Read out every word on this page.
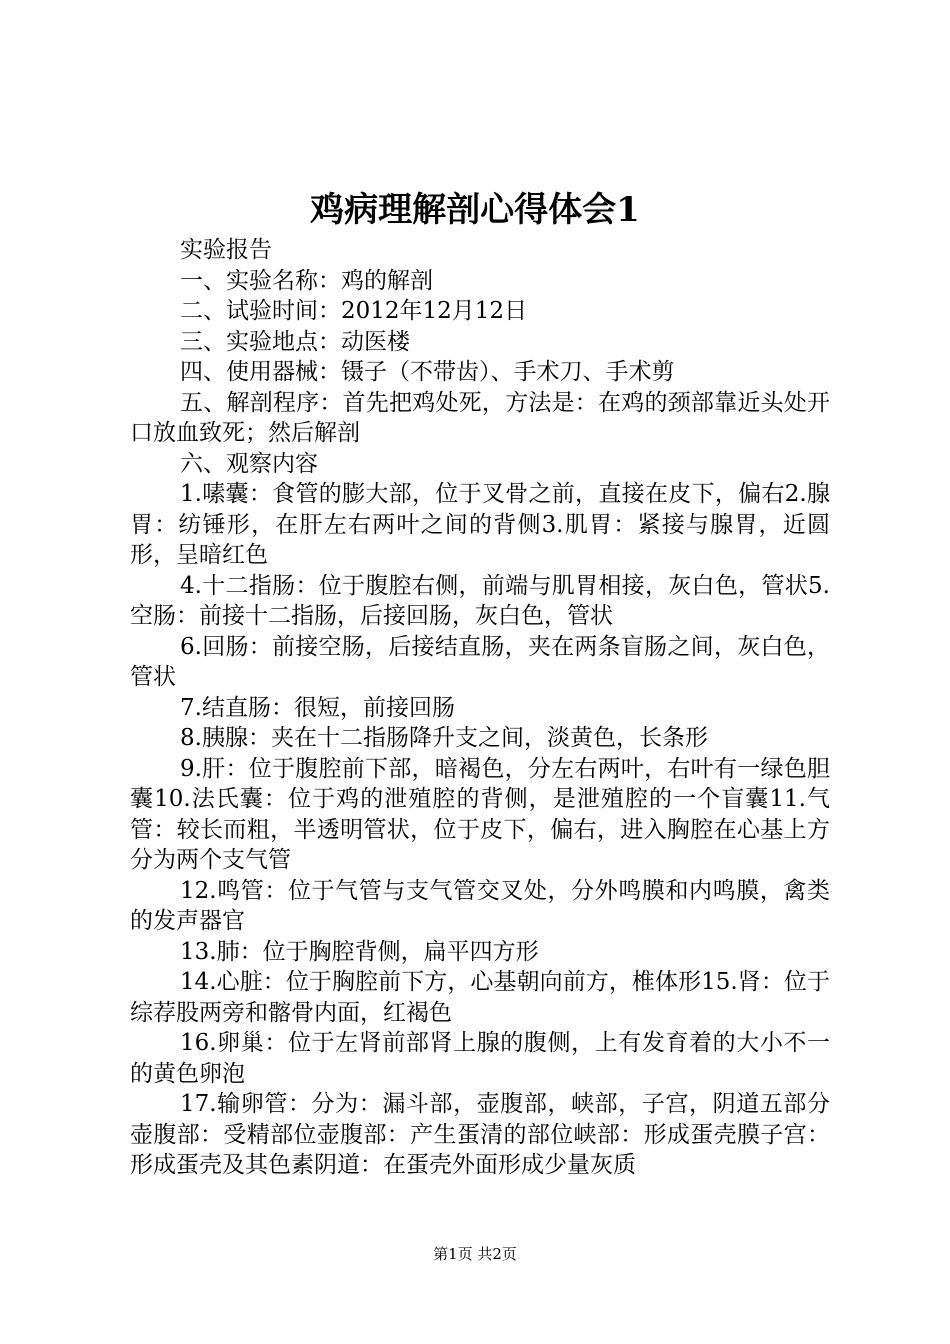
鸡病理解剖心得体会1

实验报告

一、实验名称：鸡的解剖

二、试验时间：2012年12月12日

三、实验地点：动医楼

四、使用器械：镊子（不带齿）、手术刀、手术剪

五、解剖程序：首先把鸡处死，方法是：在鸡的颈部靠近头处开口放血致死；然后解剖

六、观察内容

1.嗉囊：食管的膨大部，位于叉骨之前，直接在皮下，偏右2.腺胃：纺锤形，在肝左右两叶之间的背侧3.肌胃：紧接与腺胃，近圆形，呈暗红色

4.十二指肠：位于腹腔右侧，前端与肌胃相接，灰白色，管状5.空肠：前接十二指肠，后接回肠，灰白色，管状

6.回肠：前接空肠，后接结直肠，夹在两条盲肠之间，灰白色，管状

7.结直肠：很短，前接回肠

8.胰腺：夹在十二指肠降升支之间，淡黄色，长条形

9.肝：位于腹腔前下部，暗褐色，分左右两叶，右叶有一绿色胆囊10.法氏囊：位于鸡的泄殖腔的背侧，是泄殖腔的一个盲囊11.气管：较长而粗，半透明管状，位于皮下，偏右，进入胸腔在心基上方分为两个支气管

12.鸣管：位于气管与支气管交叉处，分外鸣膜和内鸣膜，禽类的发声器官

13.肺：位于胸腔背侧，扁平四方形

14.心脏：位于胸腔前下方，心基朝向前方，椎体形15.肾：位于综荐股两旁和髂骨内面，红褐色

16.卵巢：位于左肾前部肾上腺的腹侧，上有发育着的大小不一的黄色卵泡

17.输卵管：分为：漏斗部，壶腹部，峡部，子宫，阴道五部分壶腹部：受精部位壶腹部：产生蛋清的部位峡部：形成蛋壳膜子宫：形成蛋壳及其色素阴道：在蛋壳外面形成少量灰质

第1页 共2页
